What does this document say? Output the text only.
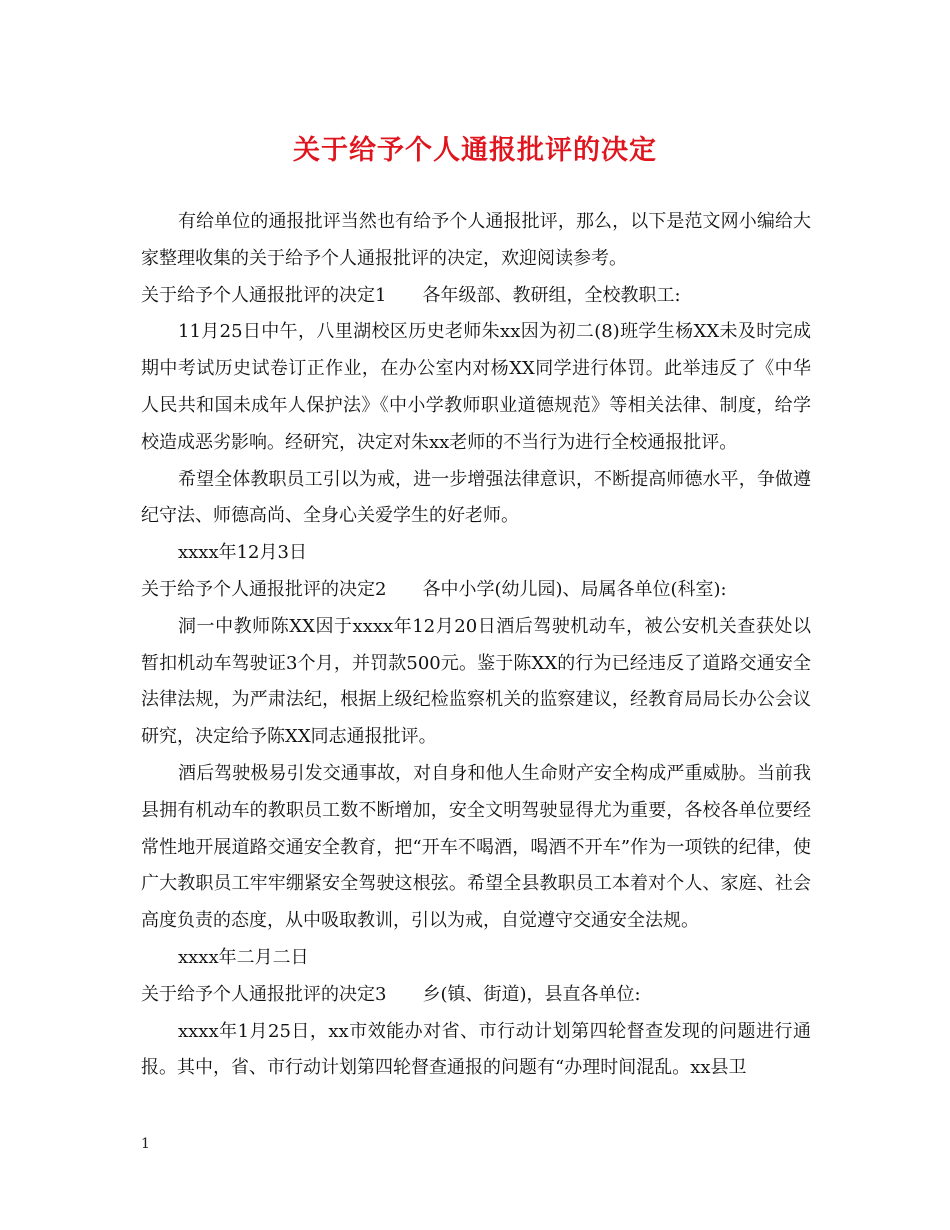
关于给予个人通报批评的决定

有给单位的通报批评当然也有给予个人通报批评，那么，以下是范文网小编给大家整理收集的关于给予个人通报批评的决定，欢迎阅读参考。

关于给予个人通报批评的决定1　　各年级部、教研组，全校教职工:

11月25日中午，八里湖校区历史老师朱xx因为初二(8)班学生杨XX未及时完成期中考试历史试卷订正作业，在办公室内对杨XX同学进行体罚。此举违反了《中华人民共和国未成年人保护法》《中小学教师职业道德规范》等相关法律、制度，给学校造成恶劣影响。经研究，决定对朱xx老师的不当行为进行全校通报批评。

希望全体教职员工引以为戒，进一步增强法律意识，不断提高师德水平，争做遵纪守法、师德高尚、全身心关爱学生的好老师。

xxxx年12月3日

关于给予个人通报批评的决定2　　各中小学(幼儿园)、局属各单位(科室):

洞一中教师陈XX因于xxxx年12月20日酒后驾驶机动车，被公安机关查获处以暂扣机动车驾驶证3个月，并罚款500元。鉴于陈XX的行为已经违反了道路交通安全法律法规，为严肃法纪，根据上级纪检监察机关的监察建议，经教育局局长办公会议研究，决定给予陈XX同志通报批评。

酒后驾驶极易引发交通事故，对自身和他人生命财产安全构成严重威胁。当前我县拥有机动车的教职员工数不断增加，安全文明驾驶显得尤为重要，各校各单位要经常性地开展道路交通安全教育，把“开车不喝酒，喝酒不开车”作为一项铁的纪律，使广大教职员工牢牢绷紧安全驾驶这根弦。希望全县教职员工本着对个人、家庭、社会高度负责的态度，从中吸取教训，引以为戒，自觉遵守交通安全法规。

xxxx年二月二日

关于给予个人通报批评的决定3　　乡(镇、街道)，县直各单位:

xxxx年1月25日，xx市效能办对省、市行动计划第四轮督查发现的问题进行通报。其中，省、市行动计划第四轮督查通报的问题有“办理时间混乱。xx县卫

1
